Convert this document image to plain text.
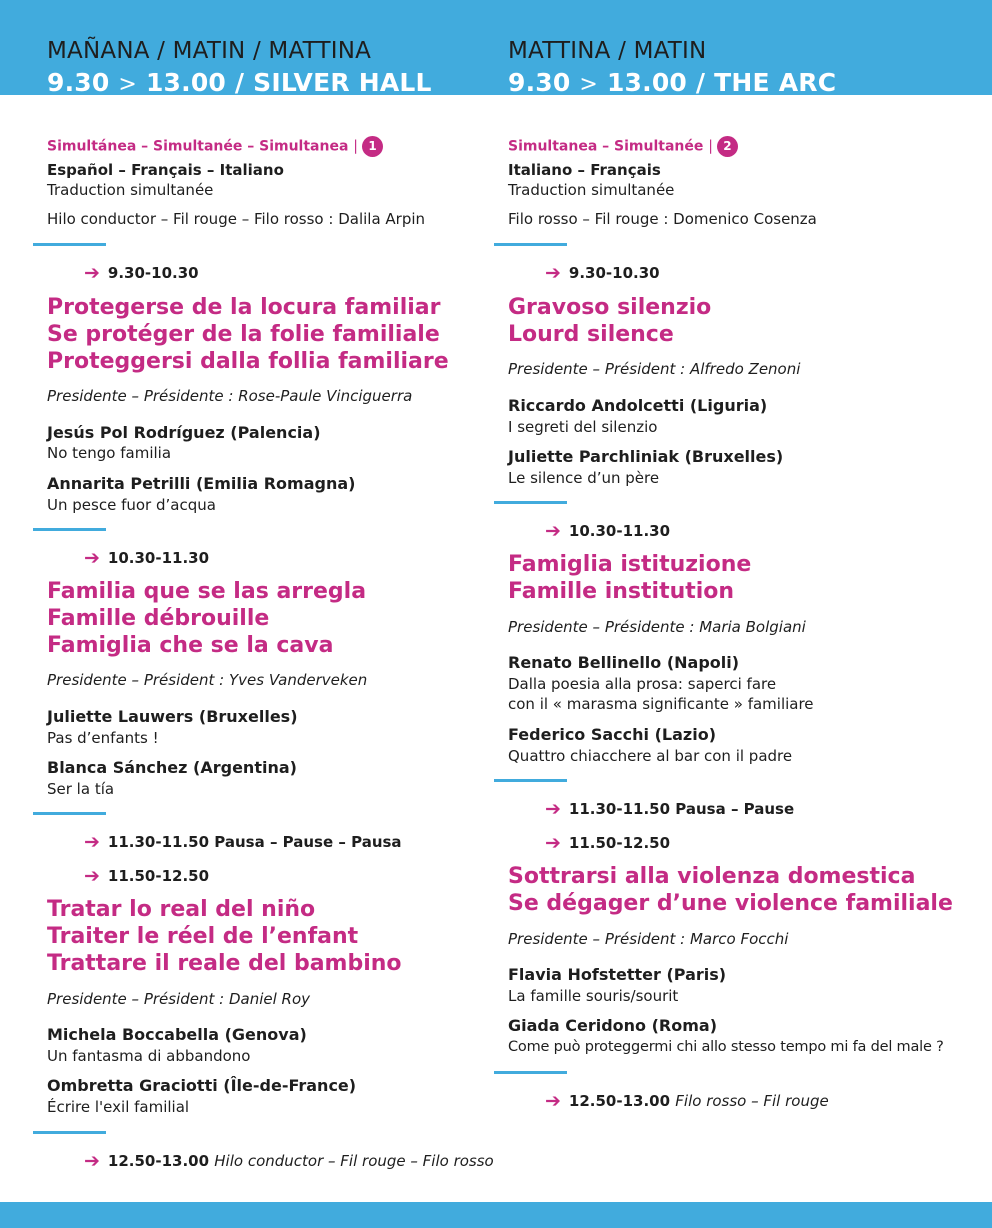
MAÑANA / MATIN / MATTINA
9.30 > 13.00 / SILVER HALL
Simultánea – Simultanée – Simultanea | 1
Español – Français – Italiano
Traduction simultanée
Hilo conductor – Fil rouge – Filo rosso : Dalila Arpin
➔ 9.30-10.30
Protegerse de la locura familiar
Se protéger de la folie familiale
Proteggersi dalla follia familiare
Presidente – Présidente : Rose-Paule Vinciguerra
Jesús Pol Rodríguez (Palencia)
No tengo familia
Annarita Petrilli (Emilia Romagna)
Un pesce fuor d’acqua
➔ 10.30-11.30
Familia que se las arregla
Famille débrouille
Famiglia che se la cava
Presidente – Président : Yves Vanderveken
Juliette Lauwers (Bruxelles)
Pas d’enfants !
Blanca Sánchez (Argentina)
Ser la tía
➔ 11.30-11.50 Pausa – Pause – Pausa
➔ 11.50-12.50
Tratar lo real del niño
Traiter le réel de l’enfant
Trattare il reale del bambino
Presidente – Président : Daniel Roy
Michela Boccabella (Genova)
Un fantasma di abbandono
Ombretta Graciotti (Île-de-France)
Écrire l'exil familial
➔ 12.50-13.00 Hilo conductor – Fil rouge – Filo rosso
MATTINA / MATIN
9.30 > 13.00 / THE ARC
Simultanea – Simultanée | 2
Italiano – Français
Traduction simultanée
Filo rosso – Fil rouge : Domenico Cosenza
➔ 9.30-10.30
Gravoso silenzio
Lourd silence
Presidente – Président : Alfredo Zenoni
Riccardo Andolcetti (Liguria)
I segreti del silenzio
Juliette Parchliniak (Bruxelles)
Le silence d’un père
➔ 10.30-11.30
Famiglia istituzione
Famille institution
Presidente – Présidente : Maria Bolgiani
Renato Bellinello (Napoli)
Dalla poesia alla prosa: saperci fare
con il « marasma significante » familiare
Federico Sacchi (Lazio)
Quattro chiacchere al bar con il padre
➔ 11.30-11.50 Pausa – Pause
➔ 11.50-12.50
Sottrarsi alla violenza domestica
Se dégager d’une violence familiale
Presidente – Président : Marco Focchi
Flavia Hofstetter (Paris)
La famille souris/sourit
Giada Ceridono (Roma)
Come può proteggermi chi allo stesso tempo mi fa del male ?
➔ 12.50-13.00 Filo rosso – Fil rouge
